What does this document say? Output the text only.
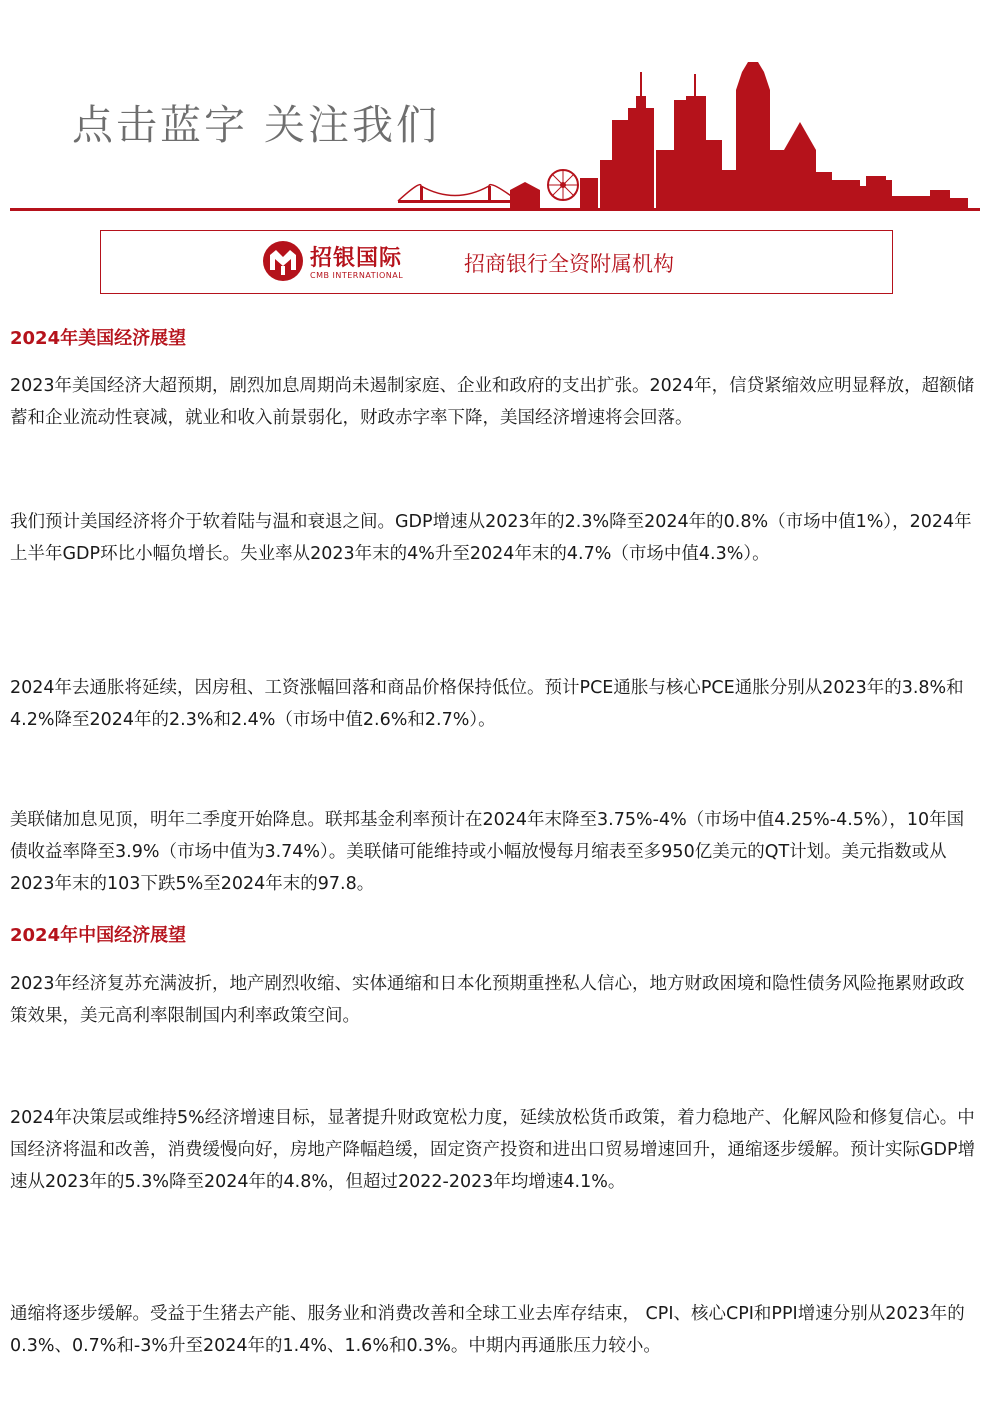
点击蓝字 关注我们
招银国际
CMB INTERNATIONAL	招商银行全资附属机构
2024年美国经济展望

2023年美国经济大超预期，剧烈加息周期尚未遏制家庭、企业和政府的支出扩张。2024年，信贷紧缩效应明显释放，超额储蓄和企业流动性衰减，就业和收入前景弱化，财政赤字率下降，美国经济增速将会回落。

我们预计美国经济将介于软着陆与温和衰退之间。GDP增速从2023年的2.3%降至2024年的0.8%（市场中值1%），2024年上半年GDP环比小幅负增长。失业率从2023年末的4%升至2024年末的4.7%（市场中值4.3%）。

2024年去通胀将延续，因房租、工资涨幅回落和商品价格保持低位。预计PCE通胀与核心PCE通胀分别从2023年的3.8%和4.2%降至2024年的2.3%和2.4%（市场中值2.6%和2.7%）。

美联储加息见顶，明年二季度开始降息。联邦基金利率预计在2024年末降至3.75%-4%（市场中值4.25%-4.5%），10年国债收益率降至3.9%（市场中值为3.74%）。美联储可能维持或小幅放慢每月缩表至多950亿美元的QT计划。美元指数或从2023年末的103下跌5%至2024年末的97.8。

2024年中国经济展望

2023年经济复苏充满波折，地产剧烈收缩、实体通缩和日本化预期重挫私人信心，地方财政困境和隐性债务风险拖累财政政策效果，美元高利率限制国内利率政策空间。

2024年决策层或维持5%经济增速目标，显著提升财政宽松力度，延续放松货币政策，着力稳地产、化解风险和修复信心。中国经济将温和改善，消费缓慢向好，房地产降幅趋缓，固定资产投资和进出口贸易增速回升，通缩逐步缓解。预计实际GDP增速从2023年的5.3%降至2024年的4.8%，但超过2022-2023年均增速4.1%。

通缩将逐步缓解。受益于生猪去产能、服务业和消费改善和全球工业去库存结束， CPI、核心CPI和PPI增速分别从2023年的0.3%、0.7%和-3%升至2024年的1.4%、1.6%和0.3%。中期内再通胀压力较小。
